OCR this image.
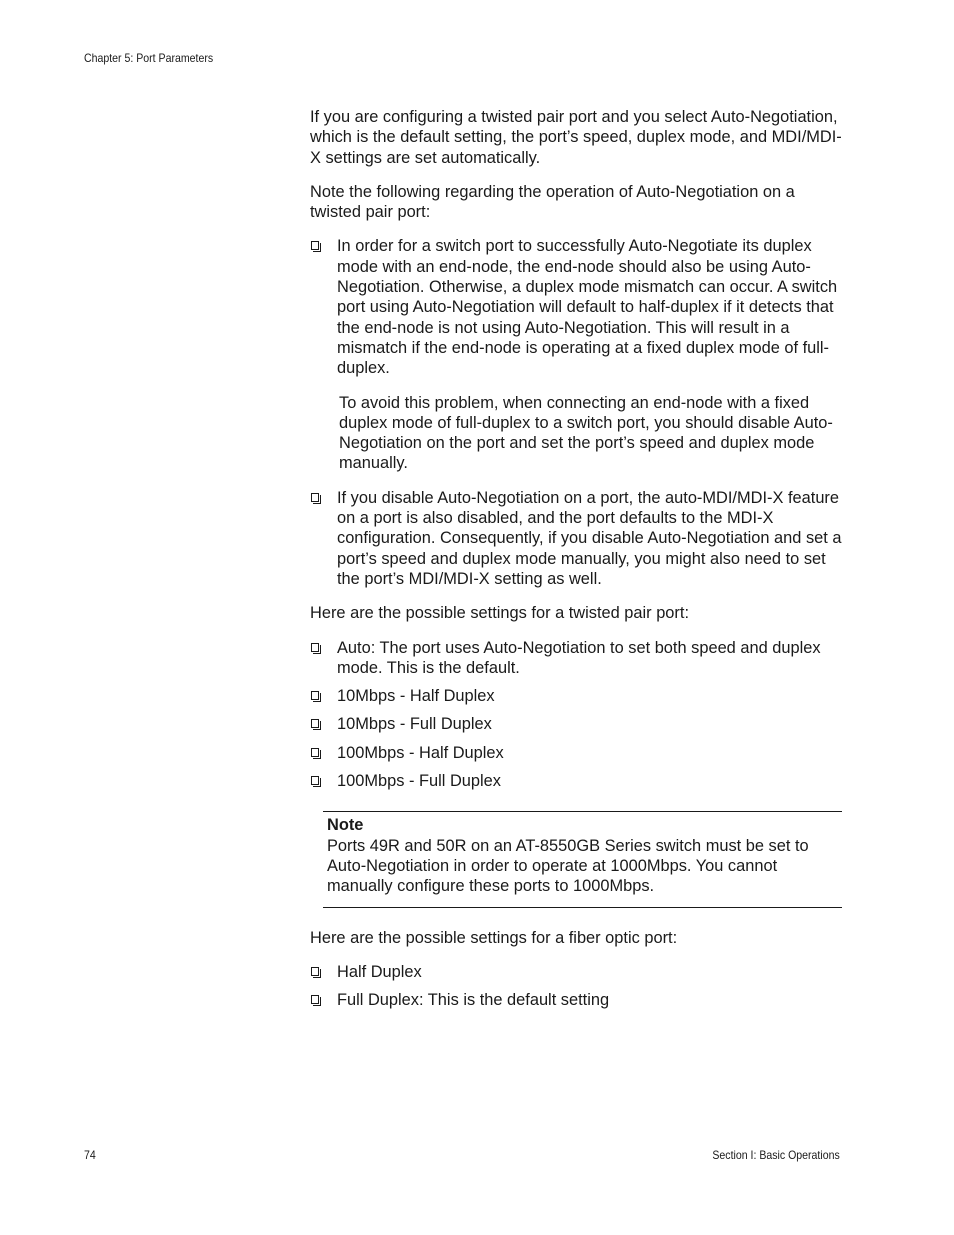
Chapter 5: Port Parameters

If you are configuring a twisted pair port and you select Auto-Negotiation, which is the default setting, the port’s speed, duplex mode, and MDI/MDI-X settings are set automatically.

Note the following regarding the operation of Auto-Negotiation on a twisted pair port:

In order for a switch port to successfully Auto-Negotiate its duplex mode with an end-node, the end-node should also be using Auto-Negotiation. Otherwise, a duplex mode mismatch can occur. A switch port using Auto-Negotiation will default to half-duplex if it detects that the end-node is not using Auto-Negotiation. This will result in a mismatch if the end-node is operating at a fixed duplex mode of full-duplex.
To avoid this problem, when connecting an end-node with a fixed duplex mode of full-duplex to a switch port, you should disable Auto-Negotiation on the port and set the port’s speed and duplex mode manually.
If you disable Auto-Negotiation on a port, the auto-MDI/MDI-X feature on a port is also disabled, and the port defaults to the MDI-X configuration. Consequently, if you disable Auto-Negotiation and set a port’s speed and duplex mode manually, you might also need to set the port’s MDI/MDI-X setting as well.

Here are the possible settings for a twisted pair port:

Auto: The port uses Auto-Negotiation to set both speed and duplex mode. This is the default.
10Mbps - Half Duplex
10Mbps - Full Duplex
100Mbps - Half Duplex
100Mbps - Full Duplex
Note
Ports 49R and 50R on an AT-8550GB Series switch must be set to Auto-Negotiation in order to operate at 1000Mbps. You cannot manually configure these ports to 1000Mbps.

Here are the possible settings for a fiber optic port:

Half Duplex
Full Duplex: This is the default setting
74	Section I: Basic Operations
